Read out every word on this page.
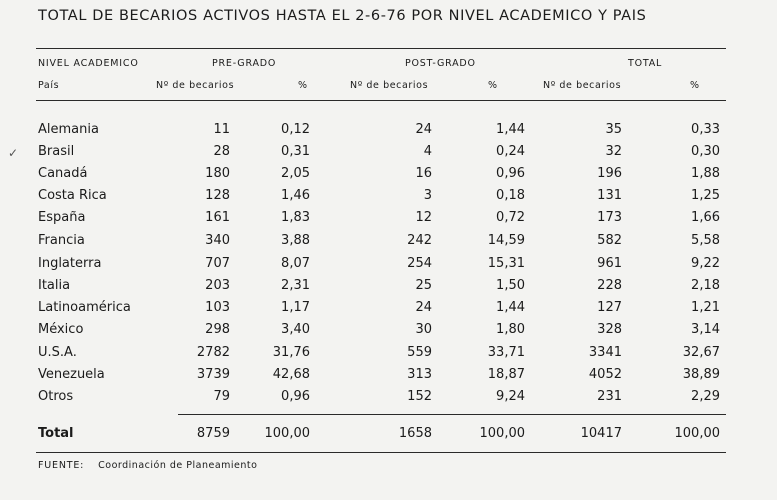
TOTAL DE BECARIOS ACTIVOS HASTA EL 2-6-76 POR NIVEL ACADEMICO Y PAIS
NIVEL ACADEMICO	PRE-GRADO	POST-GRADO	TOTAL
País	Nº de becarios	%	Nº de becarios	%	Nº de becarios	%
✓
Alemania	11	0,12	24	1,44	35	0,33
Brasil	28	0,31	4	0,24	32	0,30
Canadá	180	2,05	16	0,96	196	1,88
Costa Rica	128	1,46	3	0,18	131	1,25
España	161	1,83	12	0,72	173	1,66
Francia	340	3,88	242	14,59	582	5,58
Inglaterra	707	8,07	254	15,31	961	9,22
Italia	203	2,31	25	1,50	228	2,18
Latinoamérica	103	1,17	24	1,44	127	1,21
México	298	3,40	30	1,80	328	3,14
U.S.A.	2782	31,76	559	33,71	3341	32,67
Venezuela	3739	42,68	313	18,87	4052	38,89
Otros	79	0,96	152	9,24	231	2,29
Total	8759	100,00	1658	100,00	10417	100,00
FUENTE: Coordinación de Planeamiento
